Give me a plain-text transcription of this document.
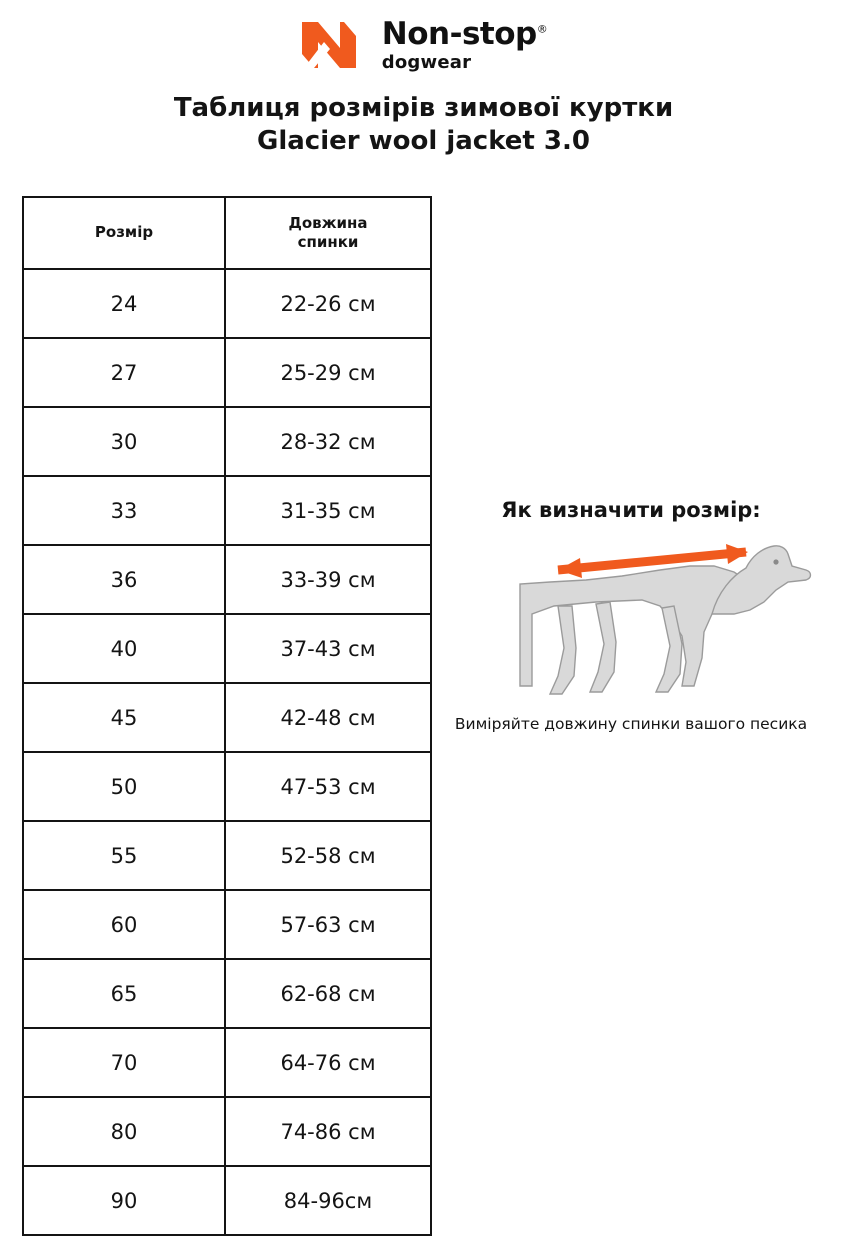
Non-stop®
dogwear
Таблиця розмірів зимової куртки
Glacier wool jacket 3.0
Розмір	Довжина
спинки
24	22-26 см
27	25-29 см
30	28-32 см
33	31-35 см
36	33-39 см
40	37-43 см
45	42-48 см
50	47-53 см
55	52-58 см
60	57-63 см
65	62-68 см
70	64-76 см
80	74-86 см
90	84-96см
Як визначити розмір:
Виміряйте довжину спинки вашого песика
